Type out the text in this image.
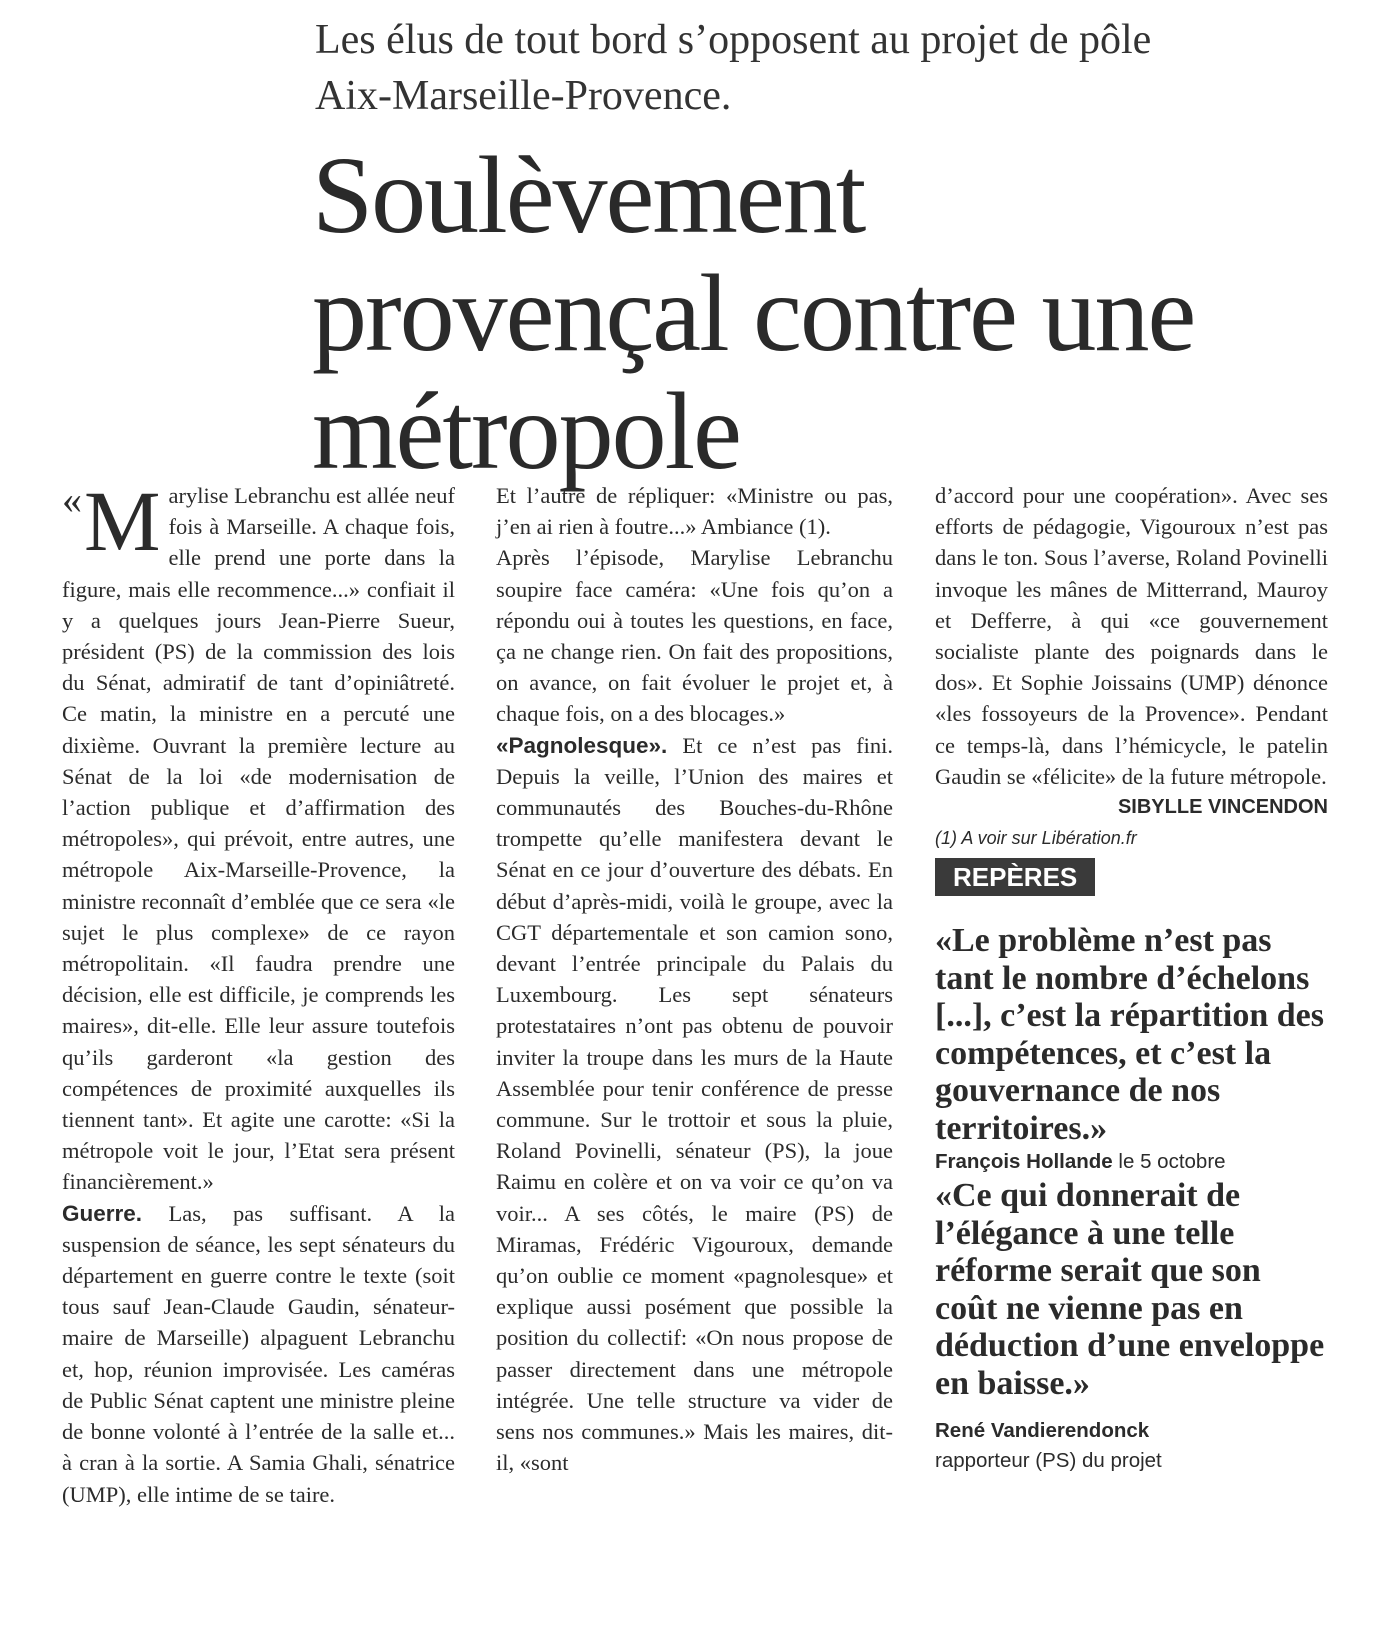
Les élus de tout bord s’opposent au projet de pôle Aix-Marseille-Provence.
Soulèvement provençal contre une métropole

« M arylise Lebranchu est allée neuf fois à Marseille. A chaque fois, elle prend une porte dans la figure, mais elle recommence...» confiait il y a quelques jours Jean-Pierre Sueur, président (PS) de la commission des lois du Sénat, admiratif de tant d’opiniâtreté. Ce matin, la ministre en a percuté une dixième. Ouvrant la première lecture au Sénat de la loi «de modernisation de l’action publique et d’affirmation des métropoles», qui prévoit, entre autres, une métropole Aix-Marseille-Provence, la ministre reconnaît d’emblée que ce sera «le sujet le plus complexe» de ce rayon métropolitain. «Il faudra prendre une décision, elle est difficile, je comprends les maires», dit-elle. Elle leur assure toutefois qu’ils garderont «la gestion des compétences de proximité auxquelles ils tiennent tant». Et agite une carotte: «Si la métropole voit le jour, l’Etat sera présent financièrement.»

Guerre. Las, pas suffisant. A la suspension de séance, les sept sénateurs du département en guerre contre le texte (soit tous sauf Jean-Claude Gaudin, sénateur-maire de Marseille) alpaguent Lebranchu et, hop, réunion improvisée. Les caméras de Public Sénat captent une ministre pleine de bonne volonté à l’entrée de la salle et... à cran à la sortie. A Samia Ghali, sénatrice (UMP), elle intime de se taire.

Et l’autre de répliquer: «Ministre ou pas, j’en ai rien à foutre...» Ambiance (1).

Après l’épisode, Marylise Lebranchu soupire face caméra: «Une fois qu’on a répondu oui à toutes les questions, en face, ça ne change rien. On fait des propositions, on avance, on fait évoluer le projet et, à chaque fois, on a des blocages.»

«Pagnolesque». Et ce n’est pas fini. Depuis la veille, l’Union des maires et communautés des Bouches-du-Rhône trompette qu’elle manifestera devant le Sénat en ce jour d’ouverture des débats. En début d’après-midi, voilà le groupe, avec la CGT départementale et son camion sono, devant l’entrée principale du Palais du Luxembourg. Les sept sénateurs protestataires n’ont pas obtenu de pouvoir inviter la troupe dans les murs de la Haute Assemblée pour tenir conférence de presse commune. Sur le trottoir et sous la pluie, Roland Povinelli, sénateur (PS), la joue Raimu en colère et on va voir ce qu’on va voir... A ses côtés, le maire (PS) de Miramas, Frédéric Vigouroux, demande qu’on oublie ce moment «pagnolesque» et explique aussi posément que possible la position du collectif: «On nous propose de passer directement dans une métropole intégrée. Une telle structure va vider de sens nos communes.» Mais les maires, dit-il, «sont

d’accord pour une coopération». Avec ses efforts de pédagogie, Vigouroux n’est pas dans le ton. Sous l’averse, Roland Povinelli invoque les mânes de Mitterrand, Mauroy et Defferre, à qui «ce gouvernement socialiste plante des poignards dans le dos». Et Sophie Joissains (UMP) dénonce «les fossoyeurs de la Provence». Pendant ce temps-là, dans l’hémicycle, le patelin Gaudin se «félicite» de la future métropole.

SIBYLLE VINCENDON

(1) A voir sur Libération.fr

REPÈRES

«Le problème n’est pas tant le nombre d’échelons [...], c’est la répartition des compétences, et c’est la gouvernance de nos territoires.»

François Hollande le 5 octobre

«Ce qui donnerait de l’élégance à une telle réforme serait que son coût ne vienne pas en déduction d’une enveloppe en baisse.»

René Vandierendonck
rapporteur (PS) du projet
